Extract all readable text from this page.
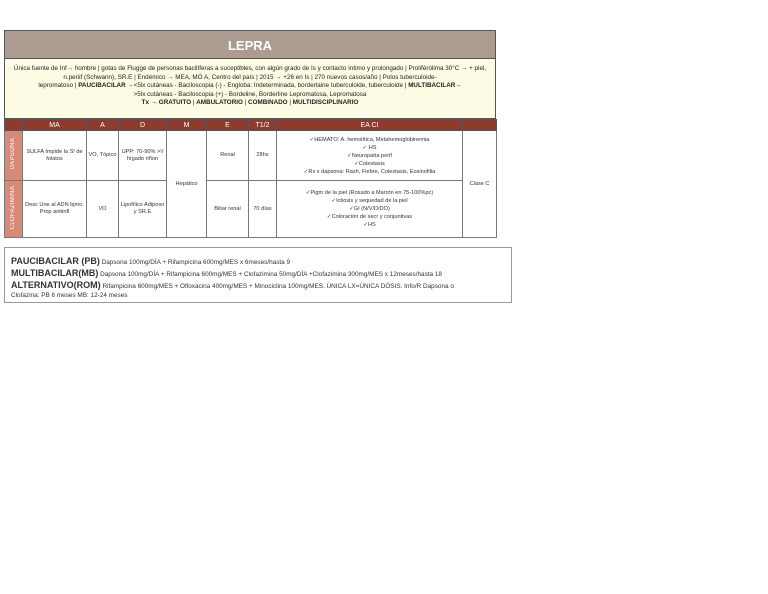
LEPRA
Única fuente de Inf→ hombre | gotas de Flugge de personas bacilíferas a suceptibles, con algún grado de Is y contacto íntimo y prolongado | Proliférólima 30°C → + piel, n.periif (Schwann), SR.E | Endémico → MEA, MÓ A, Centro del país | 2015 → +26 en Is | 270 nuevos casos/año | Polos tuberculoide-
lepromatoso | PAUCIBACILAR →<5lx cutáneas - Baciloscopia (-) - Engloba: Indeterminada, borderlaine tuberculoide, tuberculoide | MULTIBACILAR→
>5lx cutáneas - Baciloscopia (+) - Bordeline, Borderline Lepromatosa, Lepromatosa
Tx → GRATUITO | AMBULATORIO | COMBINADO | MULTIDISCIPLINARIO
	MA	A	D	M	E	T1/2	EA CI	
DAPSONA	SULFA Impide la S! de folatos	VO, Tópico	UPP: 70-90% >!/ hígado riñon	Hepático	Renal	28hs	✓HEMATO: A. hemolítica, Metahemoglobinemia
✓ HS
✓Neuropatía perif
✓Colestasis
✓Rx x dapsona: Rash, Fiebre, Colestasis, Eosinofilia	Clase C
CLOFAZIMINA	Desc Une al ADN bjmo. Prop antiinfl	VO	Lipofílico Adiposo y SR.E		Biliar renal	70 días	✓Pigm de la piel (Rosado a Marrón en 75-100%pc)
✓Ictiosis y sequedad de la piel
✓GI (N/V/D/DO)
✓Coloración de secr y conjuntivas
✓HS	
PAUCIBACILAR (PB) Dapsona 100mg/DÍA + Rifampicina 600mg/MES x 6meses/hasta 9
MULTIBACILAR(MB) Dapsona 100mg/DÍA + Rifampicina 600mg/MES + Clofazimina 50mg/DÍA +Clofazimina 300mg/MES x 12meses/hasta 18
ALTERNATIVO(ROM) Rifampicina 600mg/MES + Ofloxacina 400mg/MES + Minociclina 100mg/MES. ÚNICA LX=ÚNICA DÓSIS. Info/R Dapsona o
Clofazina: PB 6 meses MB: 12-24 meses
